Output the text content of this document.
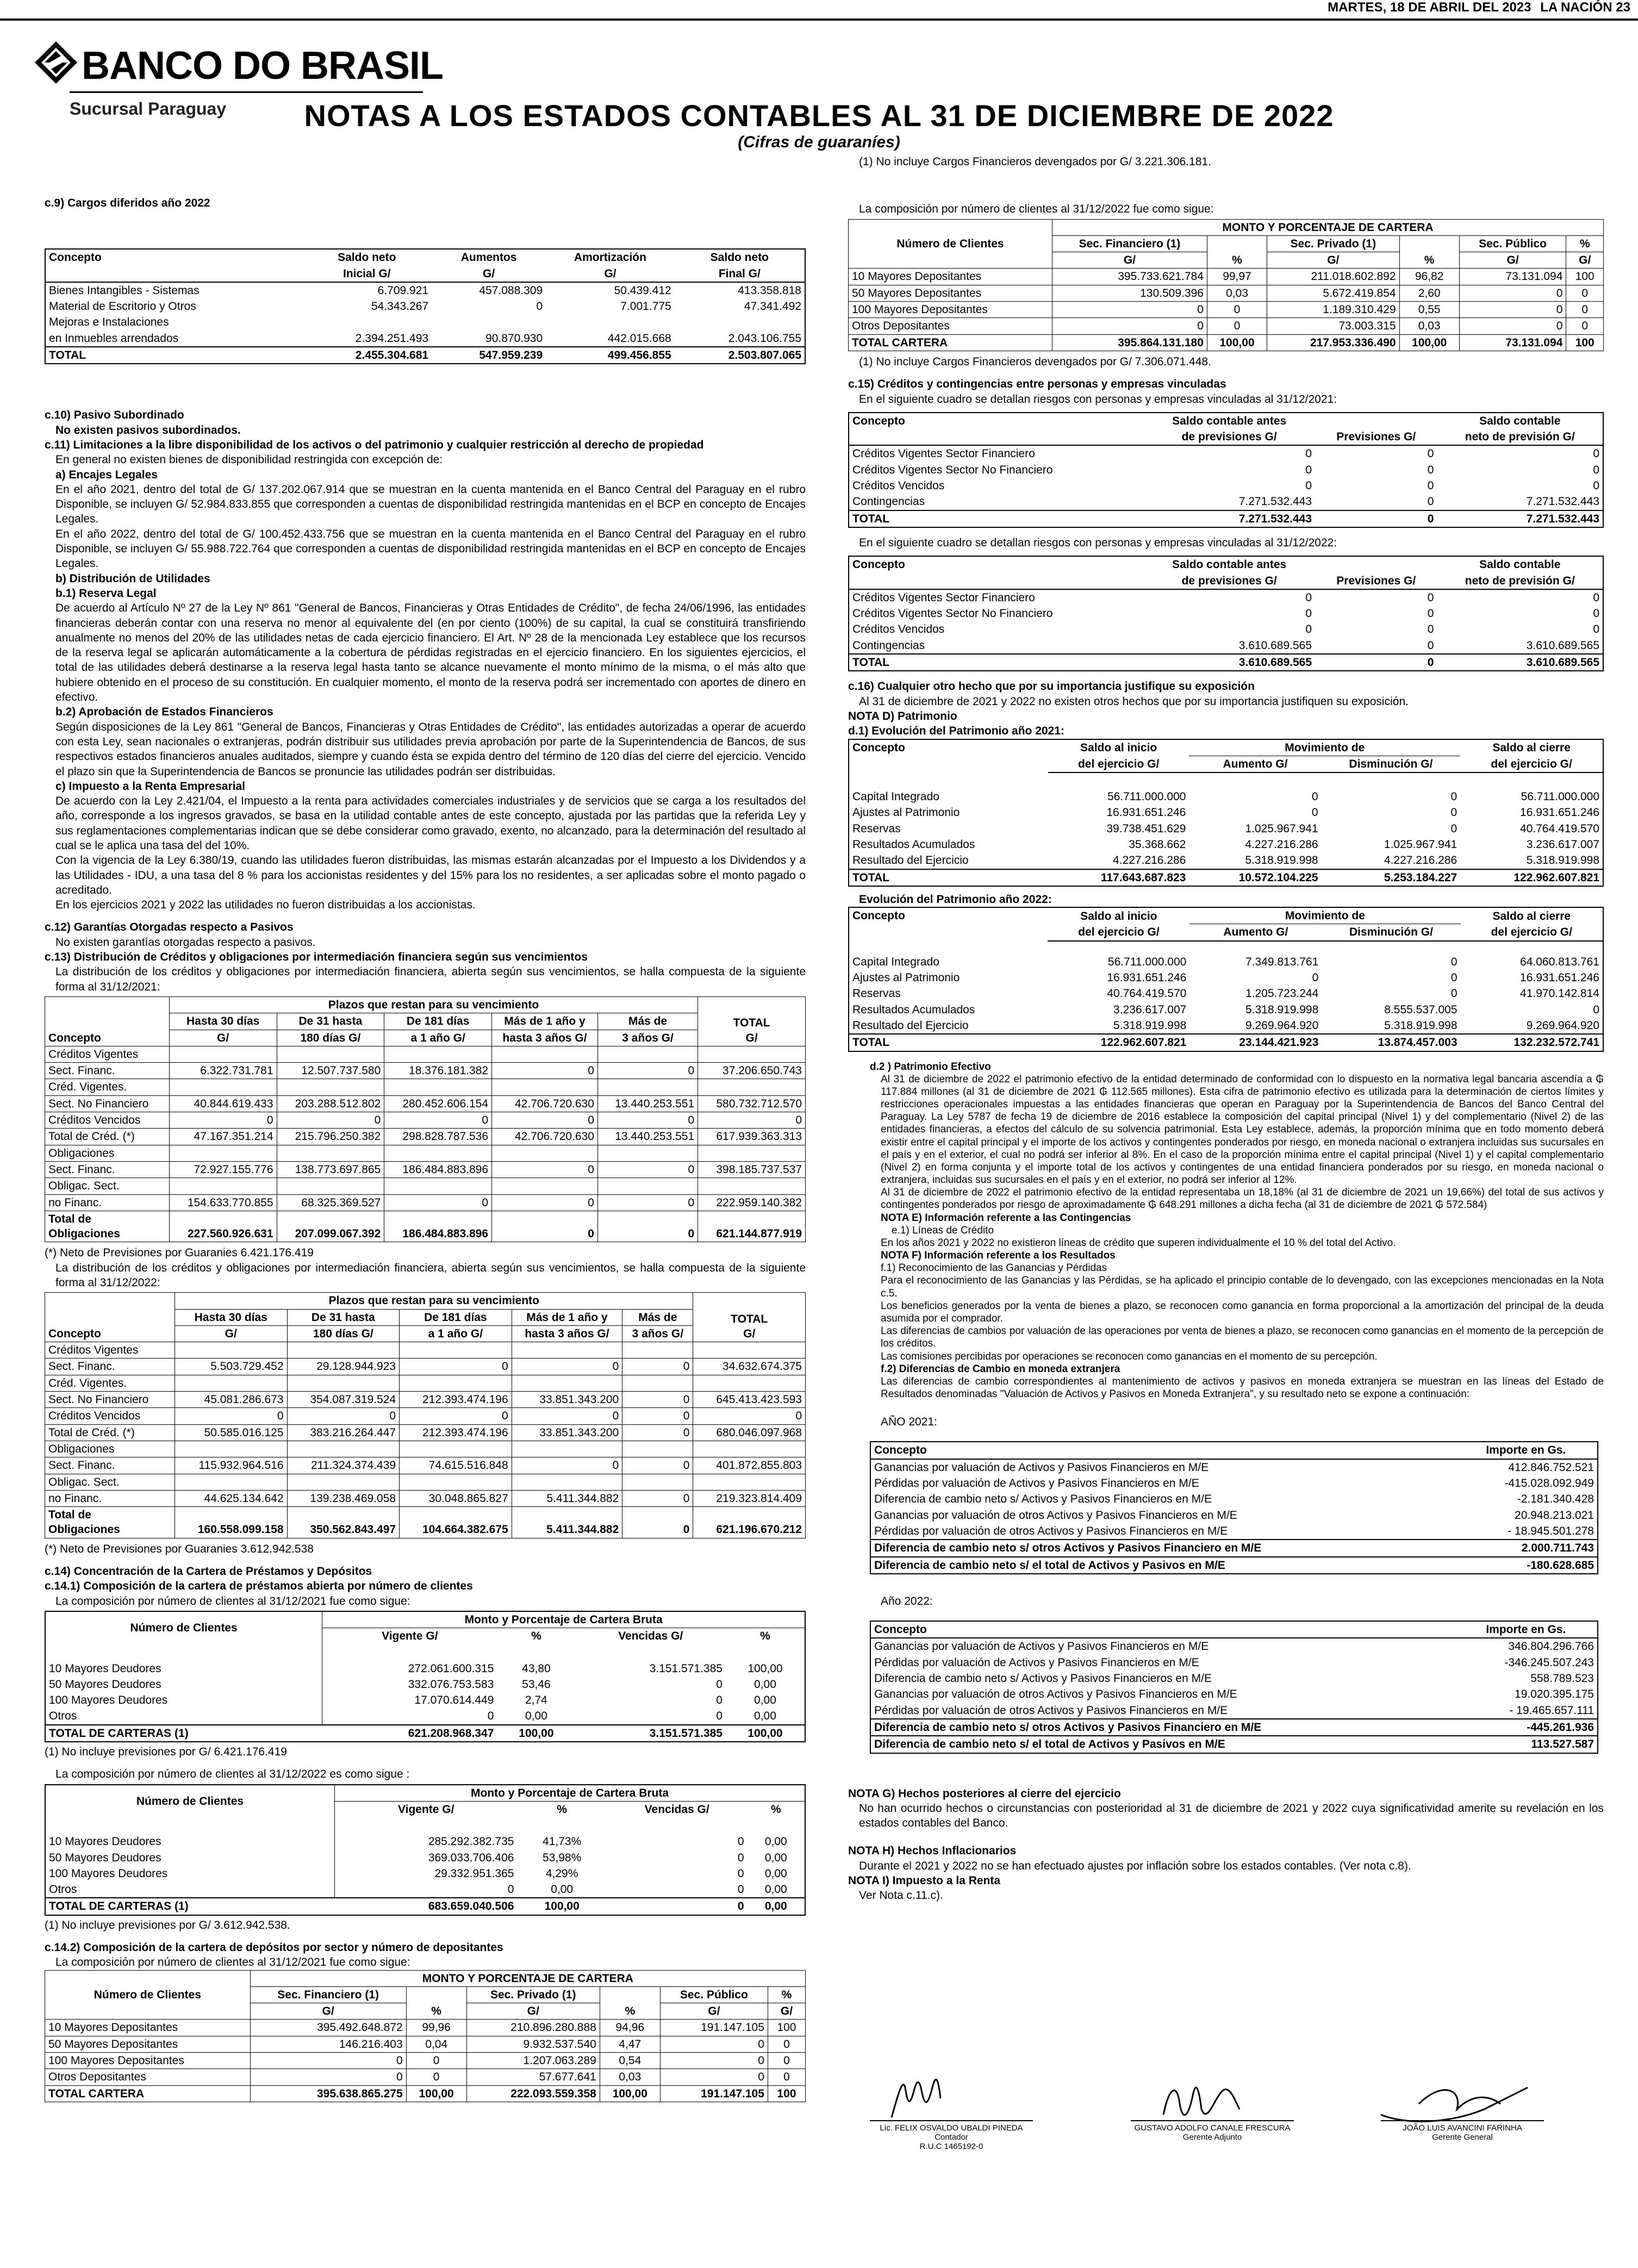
MARTES, 18 DE ABRIL DEL 2023 LA NACIÓN 23
BANCO DO BRASIL
Sucursal Paraguay	NOTAS A LOS ESTADOS CONTABLES AL 31 DE DICIEMBRE DE 2022
(Cifras de guaraníes)

c.9) Cargos diferidos año 2022

Concepto	Saldo neto	Aumentos	Amortización	Saldo neto
	Inicial G/	G/	G/	Final G/
Bienes Intangibles - Sistemas	6.709.921	457.088.309	50.439.412	413.358.818
Material de Escritorio y Otros	54.343.267	0	7.001.775	47.341.492
Mejoras e Instalaciones				
en Inmuebles arrendados	2.394.251.493	90.870.930	442.015.668	2.043.106.755
TOTAL	2.455.304.681	547.959.239	499.456.855	2.503.807.065

c.10) Pasivo Subordinado

No existen pasivos subordinados.

c.11) Limitaciones a la libre disponibilidad de los activos o del patrimonio y cualquier restricción al derecho de propiedad

En general no existen bienes de disponibilidad restringida con excepción de:

a) Encajes Legales

En el año 2021, dentro del total de G/ 137.202.067.914 que se muestran en la cuenta mantenida en el Banco Central del Paraguay en el rubro Disponible, se incluyen G/ 52.984.833.855 que corresponden a cuentas de disponibilidad restringida mantenidas en el BCP en concepto de Encajes Legales.

En el año 2022, dentro del total de G/ 100.452.433.756 que se muestran en la cuenta mantenida en el Banco Central del Paraguay en el rubro Disponible, se incluyen G/ 55.988.722.764 que corresponden a cuentas de disponibilidad restringida mantenidas en el BCP en concepto de Encajes Legales.

b) Distribución de Utilidades

b.1) Reserva Legal

De acuerdo al Artículo Nº 27 de la Ley Nº 861 "General de Bancos, Financieras y Otras Entidades de Crédito", de fecha 24/06/1996, las entidades financieras deberán contar con una reserva no menor al equivalente del (en por ciento (100%) de su capital, la cual se constituirá transfiriendo anualmente no menos del 20% de las utilidades netas de cada ejercicio financiero. El Art. Nº 28 de la mencionada Ley establece que los recursos de la reserva legal se aplicarán automáticamente a la cobertura de pérdidas registradas en el ejercicio financiero. En los siguientes ejercicios, el total de las utilidades deberá destinarse a la reserva legal hasta tanto se alcance nuevamente el monto mínimo de la misma, o el más alto que hubiere obtenido en el proceso de su constitución. En cualquier momento, el monto de la reserva podrá ser incrementado con aportes de dinero en efectivo.

b.2) Aprobación de Estados Financieros

Según disposiciones de la Ley 861 "General de Bancos, Financieras y Otras Entidades de Crédito", las entidades autorizadas a operar de acuerdo con esta Ley, sean nacionales o extranjeras, podrán distribuir sus utilidades previa aprobación por parte de la Superintendencia de Bancos, de sus respectivos estados financieros anuales auditados, siempre y cuando ésta se expida dentro del término de 120 días del cierre del ejercicio. Vencido el plazo sin que la Superintendencia de Bancos se pronuncie las utilidades podrán ser distribuidas.

c) Impuesto a la Renta Empresarial

De acuerdo con la Ley 2.421/04, el Impuesto a la renta para actividades comerciales industriales y de servicios que se carga a los resultados del año, corresponde a los ingresos gravados, se basa en la utilidad contable antes de este concepto, ajustada por las partidas que la referida Ley y sus reglamentaciones complementarias indican que se debe considerar como gravado, exento, no alcanzado, para la determinación del resultado al cual se le aplica una tasa del del 10%.

Con la vigencia de la Ley 6.380/19, cuando las utilidades fueron distribuidas, las mismas estarán alcanzadas por el Impuesto a los Dividendos y a las Utilidades - IDU, a una tasa del 8 % para los accionistas residentes y del 15% para los no residentes, a ser aplicadas sobre el monto pagado o acreditado.

En los ejercicios 2021 y 2022 las utilidades no fueron distribuidas a los accionistas.

c.12) Garantías Otorgadas respecto a Pasivos

No existen garantías otorgadas respecto a pasivos.

c.13) Distribución de Créditos y obligaciones por intermediación financiera según sus vencimientos

La distribución de los créditos y obligaciones por intermediación financiera, abierta según sus vencimientos, se halla compuesta de la siguiente forma al 31/12/2021:

Concepto	Plazos que restan para su vencimiento					TOTAL
G/
	Hasta 30 días	De 31 hasta	De 181 días	Más de 1 año y	Más de	
	G/	180 días G/	a 1 año G/	hasta 3 años G/	3 años G/	
Créditos Vigentes						
Sect. Financ.	6.322.731.781	12.507.737.580	18.376.181.382	0	0	37.206.650.743
Créd. Vigentes.						
Sect. No Financiero	40.844.619.433	203.288.512.802	280.452.606.154	42.706.720.630	13.440.253.551	580.732.712.570
Créditos Vencidos	0	0	0	0	0	0
Total de Créd. (*)	47.167.351.214	215.796.250.382	298.828.787.536	42.706.720.630	13.440.253.551	617.939.363.313
Obligaciones						
Sect. Financ.	72.927.155.776	138.773.697.865	186.484.883.896	0	0	398.185.737.537
Obligac. Sect.						
no Financ.	154.633.770.855	68.325.369.527	0	0	0	222.959.140.382
Total de
Obligaciones	227.560.926.631	207.099.067.392	186.484.883.896	0	0	621.144.877.919

(*) Neto de Previsiones por Guaranies 6.421.176.419

La distribución de los créditos y obligaciones por intermediación financiera, abierta según sus vencimientos, se halla compuesta de la siguiente forma al 31/12/2022:

Concepto	Plazos que restan para su vencimiento					TOTAL
G/
	Hasta 30 días	De 31 hasta	De 181 días	Más de 1 año y	Más de	
	G/	180 días G/	a 1 año G/	hasta 3 años G/	3 años G/	
Créditos Vigentes						
Sect. Financ.	5.503.729.452	29.128.944.923	0	0	0	34.632.674.375
Créd. Vigentes.						
Sect. No Financiero	45.081.286.673	354.087.319.524	212.393.474.196	33.851.343.200	0	645.413.423.593
Créditos Vencidos	0	0	0	0	0	0
Total de Créd. (*)	50.585.016.125	383.216.264.447	212.393.474.196	33.851.343.200	0	680.046.097.968
Obligaciones						
Sect. Financ.	115.932.964.516	211.324.374.439	74.615.516.848	0	0	401.872.855.803
Obligac. Sect.						
no Financ.	44.625.134.642	139.238.469.058	30.048.865.827	5.411.344.882	0	219.323.814.409
Total de
Obligaciones	160.558.099.158	350.562.843.497	104.664.382.675	5.411.344.882	0	621.196.670.212

(*) Neto de Previsiones por Guaranies 3.612.942.538

c.14) Concentración de la Cartera de Préstamos y Depósitos

c.14.1) Composición de la cartera de préstamos abierta por número de clientes

La composición por número de clientes al 31/12/2021 fue como sigue:

Número de Clientes	Monto y Porcentaje de Cartera Bruta			
	Vigente G/	%	Vencidas G/	%

10 Mayores Deudores	272.061.600.315	43,80	3.151.571.385	100,00
50 Mayores Deudores	332.076.753.583	53,46	0	0,00
100 Mayores Deudores	17.070.614.449	2,74	0	0,00
Otros	0	0,00	0	0,00
TOTAL DE CARTERAS (1)	621.208.968.347	100,00	3.151.571.385	100,00

(1) No incluye previsiones por G/ 6.421.176.419

La composición por número de clientes al 31/12/2022 es como sigue :

Número de Clientes	Monto y Porcentaje de Cartera Bruta			
	Vigente G/	%	Vencidas G/	%

10 Mayores Deudores	285.292.382.735	41,73%	0	0,00
50 Mayores Deudores	369.033.706.406	53,98%	0	0,00
100 Mayores Deudores	29.332.951.365	4,29%	0	0,00
Otros	0	0,00	0	0,00
TOTAL DE CARTERAS (1)	683.659.040.506	100,00	0	0,00

(1) No incluye previsiones por G/ 3.612.942.538.

c.14.2) Composición de la cartera de depósitos por sector y número de depositantes

La composición por número de clientes al 31/12/2021 fue como sigue:

Número de Clientes	MONTO Y PORCENTAJE DE CARTERA					
	Sec. Financiero (1)	%	Sec. Privado (1)	%	Sec. Público	%
	G/		G/		G/	G/
10 Mayores Depositantes	395.492.648.872	99,96	210.896.280.888	94,96	191.147.105	100
50 Mayores Depositantes	146.216.403	0,04	9.932.537.540	4,47	0	0
100 Mayores Depositantes	0	0	1.207.063.289	0,54	0	0
Otros Depositantes	0	0	57.677.641	0,03	0	0
TOTAL CARTERA	395.638.865.275	100,00	222.093.559.358	100,00	191.147.105	100

(1) No incluye Cargos Financieros devengados por G/ 3.221.306.181.

La composición por número de clientes al 31/12/2022 fue como sigue:

Número de Clientes	MONTO Y PORCENTAJE DE CARTERA					
	Sec. Financiero (1)	%	Sec. Privado (1)	%	Sec. Público	%
	G/		G/		G/	G/
10 Mayores Depositantes	395.733.621.784	99,97	211.018.602.892	96,82	73.131.094	100
50 Mayores Depositantes	130.509.396	0,03	5.672.419.854	2,60	0	0
100 Mayores Depositantes	0	0	1.189.310.429	0,55	0	0
Otros Depositantes	0	0	73.003.315	0,03	0	0
TOTAL CARTERA	395.864.131.180	100,00	217.953.336.490	100,00	73.131.094	100

(1) No incluye Cargos Financieros devengados por G/ 7.306.071.448.

c.15) Créditos y contingencias entre personas y empresas vinculadas

En el siguiente cuadro se detallan riesgos con personas y empresas vinculadas al 31/12/2021:

Concepto	Saldo contable antes		Saldo contable
	de previsiones G/	Previsiones G/	neto de previsión G/
Créditos Vigentes Sector Financiero	0	0	0
Créditos Vigentes Sector No Financiero	0	0	0
Créditos Vencidos	0	0	0
Contingencias	7.271.532.443	0	7.271.532.443
TOTAL	7.271.532.443	0	7.271.532.443

En el siguiente cuadro se detallan riesgos con personas y empresas vinculadas al 31/12/2022:

Concepto	Saldo contable antes		Saldo contable
	de previsiones G/	Previsiones G/	neto de previsión G/
Créditos Vigentes Sector Financiero	0	0	0
Créditos Vigentes Sector No Financiero	0	0	0
Créditos Vencidos	0	0	0
Contingencias	3.610.689.565	0	3.610.689.565
TOTAL	3.610.689.565	0	3.610.689.565

c.16) Cualquier otro hecho que por su importancia justifique su exposición

Al 31 de diciembre de 2021 y 2022 no existen otros hechos que por su importancia justifiquen su exposición.

NOTA D) Patrimonio

d.1) Evolución del Patrimonio año 2021:

Concepto	Saldo al inicio	Movimiento de		Saldo al cierre
	del ejercicio G/	Aumento G/	Disminución G/	del ejercicio G/

Capital Integrado	56.711.000.000	0	0	56.711.000.000
Ajustes al Patrimonio	16.931.651.246	0	0	16.931.651.246
Reservas	39.738.451.629	1.025.967.941	0	40.764.419.570
Resultados Acumulados	35.368.662	4.227.216.286	1.025.967.941	3.236.617.007
Resultado del Ejercicio	4.227.216.286	5.318.919.998	4.227.216.286	5.318.919.998
TOTAL	117.643.687.823	10.572.104.225	5.253.184.227	122.962.607.821

Evolución del Patrimonio año 2022:

Concepto	Saldo al inicio	Movimiento de		Saldo al cierre
	del ejercicio G/	Aumento G/	Disminución G/	del ejercicio G/

Capital Integrado	56.711.000.000	7.349.813.761	0	64.060.813.761
Ajustes al Patrimonio	16.931.651.246	0	0	16.931.651.246
Reservas	40.764.419.570	1.205.723.244	0	41.970.142.814
Resultados Acumulados	3.236.617.007	5.318.919.998	8.555.537.005	0
Resultado del Ejercicio	5.318.919.998	9.269.964.920	5.318.919.998	9.269.964.920
TOTAL	122.962.607.821	23.144.421.923	13.874.457.003	132.232.572.741

d.2 ) Patrimonio Efectivo

Al 31 de diciembre de 2022 el patrimonio efectivo de la entidad determinado de conformidad con lo dispuesto en la normativa legal bancaria ascendía a ₲ 117.884 millones (al 31 de diciembre de 2021 ₲ 112.565 millones). Esta cifra de patrimonio efectivo es utilizada para la determinación de ciertos límites y restricciones operacionales impuestas a las entidades financieras que operan en Paraguay por la Superintendencia de Bancos del Banco Central del Paraguay. La Ley 5787 de fecha 19 de diciembre de 2016 establece la composición del capital principal (Nivel 1) y del complementario (Nivel 2) de las entidades financieras, a efectos del cálculo de su solvencia patrimonial. Esta Ley establece, además, la proporción mínima que en todo momento deberá existir entre el capital principal y el importe de los activos y contingentes ponderados por riesgo, en moneda nacional o extranjera incluidas sus sucursales en el país y en el exterior, el cual no podrá ser inferior al 8%. En el caso de la proporción mínima entre el capital principal (Nivel 1) y el capital complementario (Nivel 2) en forma conjunta y el importe total de los activos y contingentes de una entidad financiera ponderados por su riesgo, en moneda nacional o extranjera, incluidas sus sucursales en el país y en el exterior, no podrá ser inferior al 12%.

Al 31 de diciembre de 2022 el patrimonio efectivo de la entidad representaba un 18,18% (al 31 de diciembre de 2021 un 19,66%) del total de sus activos y contingentes ponderados por riesgo de aproximadamente ₲ 648.291 millones a dicha fecha (al 31 de diciembre de 2021 ₲ 572.584)

NOTA E) Información referente a las Contingencias

e.1) Líneas de Crédito

En los años 2021 y 2022 no existieron líneas de crédito que superen individualmente el 10 % del total del Activo.

NOTA F) Información referente a los Resultados

f.1) Reconocimiento de las Ganancias y Pérdidas

Para el reconocimiento de las Ganancias y las Pérdidas, se ha aplicado el principio contable de lo devengado, con las excepciones mencionadas en la Nota c.5.

Los beneficios generados por la venta de bienes a plazo, se reconocen como ganancia en forma proporcional a la amortización del principal de la deuda asumida por el comprador.

Las diferencias de cambios por valuación de las operaciones por venta de bienes a plazo, se reconocen como ganancias en el momento de la percepción de los créditos.

Las comisiones percibidas por operaciones se reconocen como ganancias en el momento de su percepción.

f.2) Diferencias de Cambio en moneda extranjera

Las diferencias de cambio correspondientes al mantenimiento de activos y pasivos en moneda extranjera se muestran en las líneas del Estado de Resultados denominadas "Valuación de Activos y Pasivos en Moneda Extranjera", y su resultado neto se expone a continuación:

AÑO 2021:

Concepto	Importe en Gs.
Ganancias por valuación de Activos y Pasivos Financieros en M/E	412.846.752.521
Pérdidas por valuación de Activos y Pasivos Financieros en M/E	-415.028.092.949
Diferencia de cambio neto s/ Activos y Pasivos Financieros en M/E	-2.181.340.428
Ganancias por valuación de otros Activos y Pasivos Financieros en M/E	20.948.213.021
Pérdidas por valuación de otros Activos y Pasivos Financieros en M/E	- 18.945.501.278
Diferencia de cambio neto s/ otros Activos y Pasivos Financiero en M/E	2.000.711.743
Diferencia de cambio neto s/ el total de Activos y Pasivos en M/E	-180.628.685

Año 2022:

Concepto	Importe en Gs.
Ganancias por valuación de Activos y Pasivos Financieros en M/E	346.804.296.766
Pérdidas por valuación de Activos y Pasivos Financieros en M/E	-346.245.507.243
Diferencia de cambio neto s/ Activos y Pasivos Financieros en M/E	558.789.523
Ganancias por valuación de otros Activos y Pasivos Financieros en M/E	19.020.395.175
Pérdidas por valuación de otros Activos y Pasivos Financieros en M/E	- 19.465.657.111
Diferencia de cambio neto s/ otros Activos y Pasivos Financiero en M/E	-445.261.936
Diferencia de cambio neto s/ el total de Activos y Pasivos en M/E	113.527.587

NOTA G) Hechos posteriores al cierre del ejercicio

No han ocurrido hechos o circunstancias con posterioridad al 31 de diciembre de 2021 y 2022 cuya significatividad amerite su revelación en los estados contables del Banco.

NOTA H) Hechos Inflacionarios

Durante el 2021 y 2022 no se han efectuado ajustes por inflación sobre los estados contables. (Ver nota c.8).

NOTA I) Impuesto a la Renta

Ver Nota c.11.c).

Lic. FELIX OSVALDO UBALDI PINEDA
Contador
R.U.C 1465192-0
GUSTAVO ADOLFO CANALE FRESCURA
Gerente Adjunto
JOÃO LUIS AVANCINI FARINHA
Gerente General
